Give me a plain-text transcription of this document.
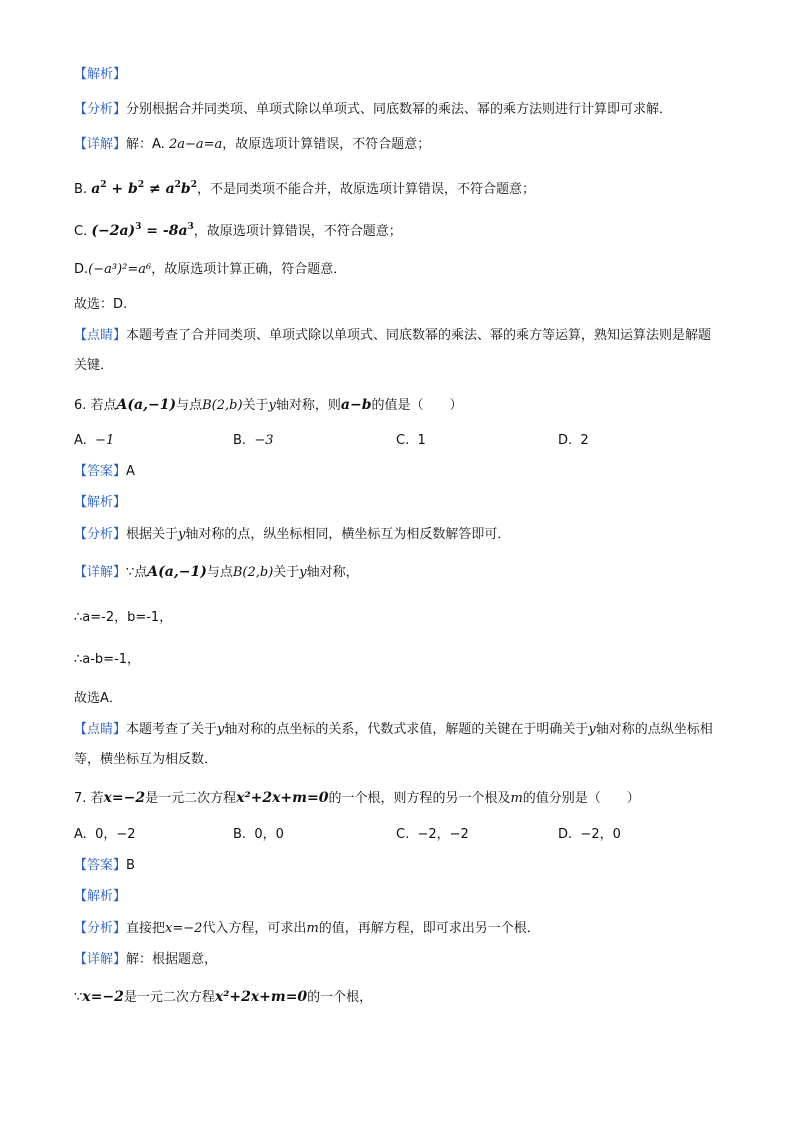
【解析】
【分析】分别根据合并同类项、单项式除以单项式、同底数幂的乘法、幂的乘方法则进行计算即可求解．
【详解】解：A. 2a−a=a，故原选项计算错误，不符合题意；
B. $a^2 + b^2 \ne a^2b^2$，不是同类项不能合并，故原选项计算错误，不符合题意；
C. $(-2a)^3 = -8a^3$，故原选项计算错误，不符合题意；
D.(−a³)²=a⁶，故原选项计算正确，符合题意．
故选：D.
【点睛】本题考查了合并同类项、单项式除以单项式、同底数幂的乘法、幂的乘方等运算，熟知运算法则是解题关键．
6. 若点A(a,−1)与点B(2,b)关于y轴对称，则a−b的值是（　　）
A. −1	B. −3	C. 1	D. 2
【答案】A
【解析】
【分析】根据关于y轴对称的点，纵坐标相同，横坐标互为相反数解答即可．
【详解】∵点A(a,−1)与点B(2,b)关于y轴对称，
∴a=-2，b=-1，
∴a-b=-1，
故选A．
【点睛】本题考查了关于y轴对称的点坐标的关系，代数式求值，解题的关键在于明确关于y轴对称的点纵坐标相等，横坐标互为相反数．
7. 若x=−2是一元二次方程x²+2x+m=0的一个根，则方程的另一个根及m的值分别是（　　）
A. 0，−2	B. 0，0	C. −2，−2	D. −2，0
【答案】B
【解析】
【分析】直接把x=−2代入方程，可求出m的值，再解方程，即可求出另一个根．
【详解】解：根据题意，
∵x=−2是一元二次方程x²+2x+m=0的一个根，
